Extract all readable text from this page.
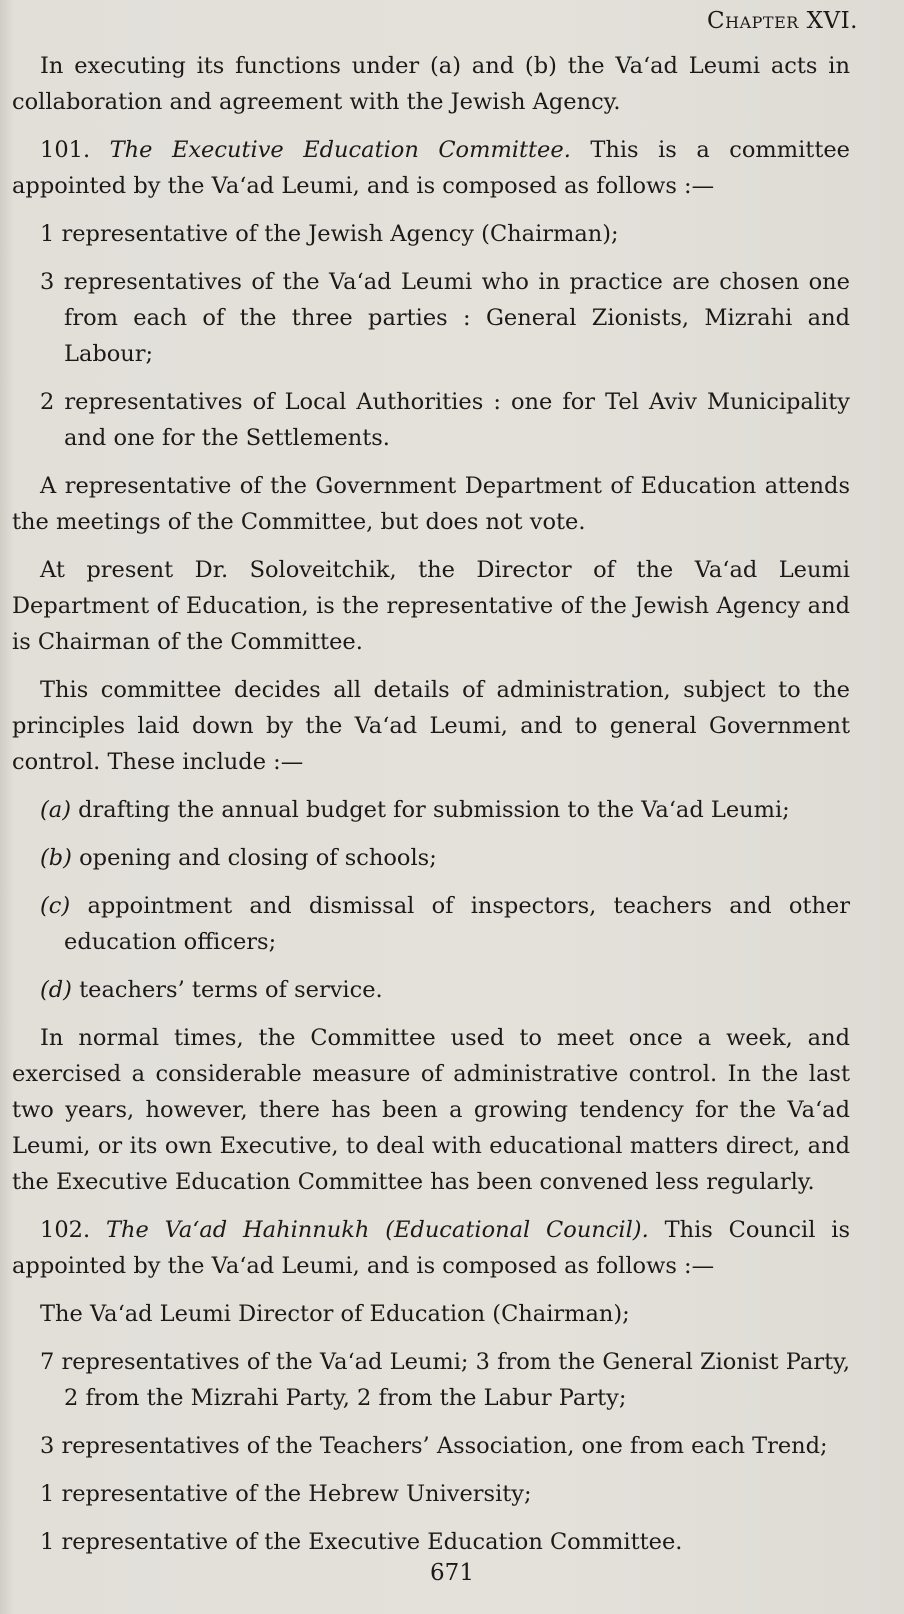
Chapter XVI.

In executing its functions under (a) and (b) the Va‘ad Leumi acts in collaboration and agreement with the Jewish Agency.

101. The Executive Education Committee. This is a committee appointed by the Va‘ad Leumi, and is composed as follows :—

1 representative of the Jewish Agency (Chairman);
3 representatives of the Va‘ad Leumi who in practice are chosen one from each of the three parties : General Zionists, Mizrahi and Labour;
2 representatives of Local Authorities : one for Tel Aviv Municipality and one for the Settlements.

A representative of the Government Department of Education attends the meetings of the Committee, but does not vote.

At present Dr. Soloveitchik, the Director of the Va‘ad Leumi Department of Education, is the representative of the Jewish Agency and is Chairman of the Committee.

This committee decides all details of administration, subject to the principles laid down by the Va‘ad Leumi, and to general Government control. These include :—

(a) drafting the annual budget for submission to the Va‘ad Leumi;
(b) opening and closing of schools;
(c) appointment and dismissal of inspectors, teachers and other education officers;
(d) teachers’ terms of service.

In normal times, the Committee used to meet once a week, and exercised a considerable measure of administrative control. In the last two years, however, there has been a growing tendency for the Va‘ad Leumi, or its own Executive, to deal with educational matters direct, and the Executive Education Committee has been convened less regularly.

102. The Va‘ad Hahinnukh (Educational Council). This Council is appointed by the Va‘ad Leumi, and is composed as follows :—

The Va‘ad Leumi Director of Education (Chairman);
7 representatives of the Va‘ad Leumi; 3 from the General Zionist Party, 2 from the Mizrahi Party, 2 from the Labur Party;
3 representatives of the Teachers’ Association, one from each Trend;
1 representative of the Hebrew University;
1 representative of the Executive Education Committee.
671
